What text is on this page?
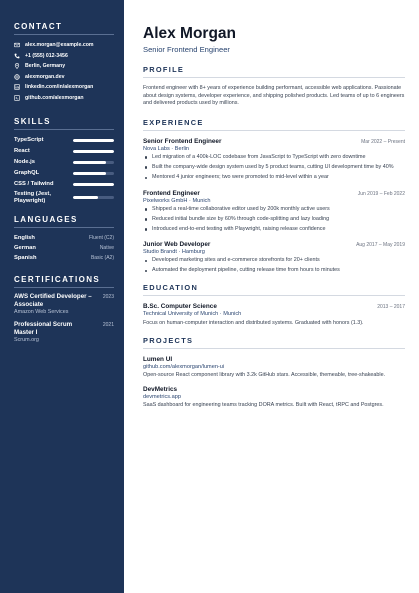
CONTACT
alex.morgan@example.com
+1 (555) 012-3456
Berlin, Germany
alexmorgan.dev
linkedin.com/in/alexmorgan
github.com/alexmorgan
SKILLS
TypeScript
React
Node.js
GraphQL
CSS / Tailwind
Testing (Jest, Playwright)
LANGUAGES
English	Fluent (C2)
German	Native
Spanish	Basic (A2)
CERTIFICATIONS
AWS Certified Developer – Associate
2023
Amazon Web Services
Professional Scrum Master I
2021
Scrum.org
Alex Morgan
Senior Frontend Engineer
PROFILE
Frontend engineer with 8+ years of experience building performant, accessible web applications. Passionate about design systems, developer experience, and shipping polished products. Led teams of up to 6 engineers and delivered products used by millions.
EXPERIENCE
Senior Frontend Engineer	Mar 2022 – Present
Nova Labs · Berlin
Led migration of a 400k-LOC codebase from JavaScript to TypeScript with zero downtime
Built the company-wide design system used by 5 product teams, cutting UI development time by 40%
Mentored 4 junior engineers; two were promoted to mid-level within a year
Frontend Engineer	Jun 2019 – Feb 2022
Pixelworks GmbH · Munich
Shipped a real-time collaborative editor used by 200k monthly active users
Reduced initial bundle size by 60% through code-splitting and lazy loading
Introduced end-to-end testing with Playwright, raising release confidence
Junior Web Developer	Aug 2017 – May 2019
Studio Brandt · Hamburg
Developed marketing sites and e-commerce storefronts for 20+ clients
Automated the deployment pipeline, cutting release time from hours to minutes
EDUCATION
B.Sc. Computer Science	2013 – 2017
Technical University of Munich · Munich
Focus on human-computer interaction and distributed systems. Graduated with honors (1.3).
PROJECTS
Lumen UI
github.com/alexmorgan/lumen-ui
Open-source React component library with 3.2k GitHub stars. Accessible, themeable, tree-shakeable.
DevMetrics
devmetrics.app
SaaS dashboard for engineering teams tracking DORA metrics. Built with React, tRPC and Postgres.
